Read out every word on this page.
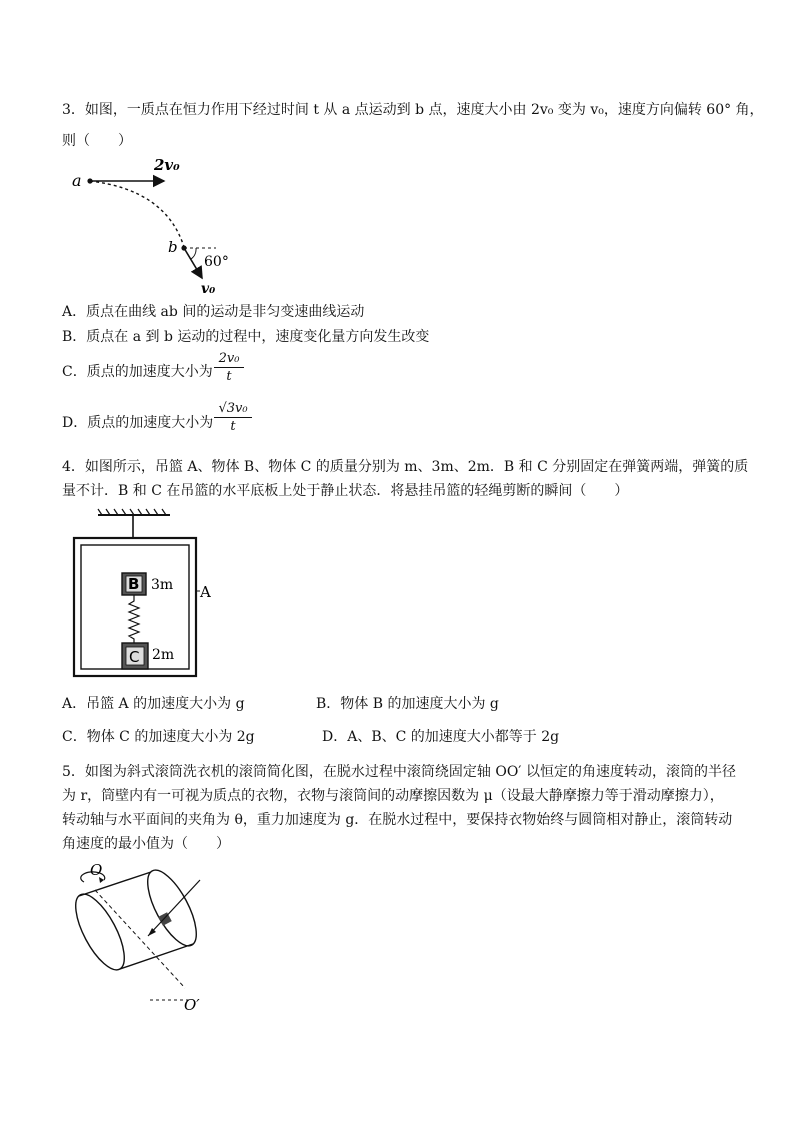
3．如图，一质点在恒力作用下经过时间 t 从 a 点运动到 b 点，速度大小由 2v₀ 变为 v₀，速度方向偏转 60° 角，
则（　　）
a
2v₀
b
60°
v₀
A．质点在曲线 ab 间的运动是非匀变速曲线运动
B．质点在 a 到 b 运动的过程中，速度变化量方向发生改变
C．质点的加速度大小为
2v₀
t
D．质点的加速度大小为
√3v₀
t
4．如图所示，吊篮 A、物体 B、物体 C 的质量分别为 m、3m、2m．B 和 C 分别固定在弹簧两端，弹簧的质
量不计．B 和 C 在吊篮的水平底板上处于静止状态．将悬挂吊篮的轻绳剪断的瞬间（　　）
B 3m
C 2m
A
A．吊篮 A 的加速度大小为 g	B．物体 B 的加速度大小为 g
C．物体 C 的加速度大小为 2g	D．A、B、C 的加速度大小都等于 2g
5．如图为斜式滚筒洗衣机的滚筒简化图，在脱水过程中滚筒绕固定轴 OO′ 以恒定的角速度转动，滚筒的半径
为 r，筒壁内有一可视为质点的衣物，衣物与滚筒间的动摩擦因数为 μ（设最大静摩擦力等于滑动摩擦力），
转动轴与水平面间的夹角为 θ，重力加速度为 g．在脱水过程中，要保持衣物始终与圆筒相对静止，滚筒转动
角速度的最小值为（　　）
O
O′
